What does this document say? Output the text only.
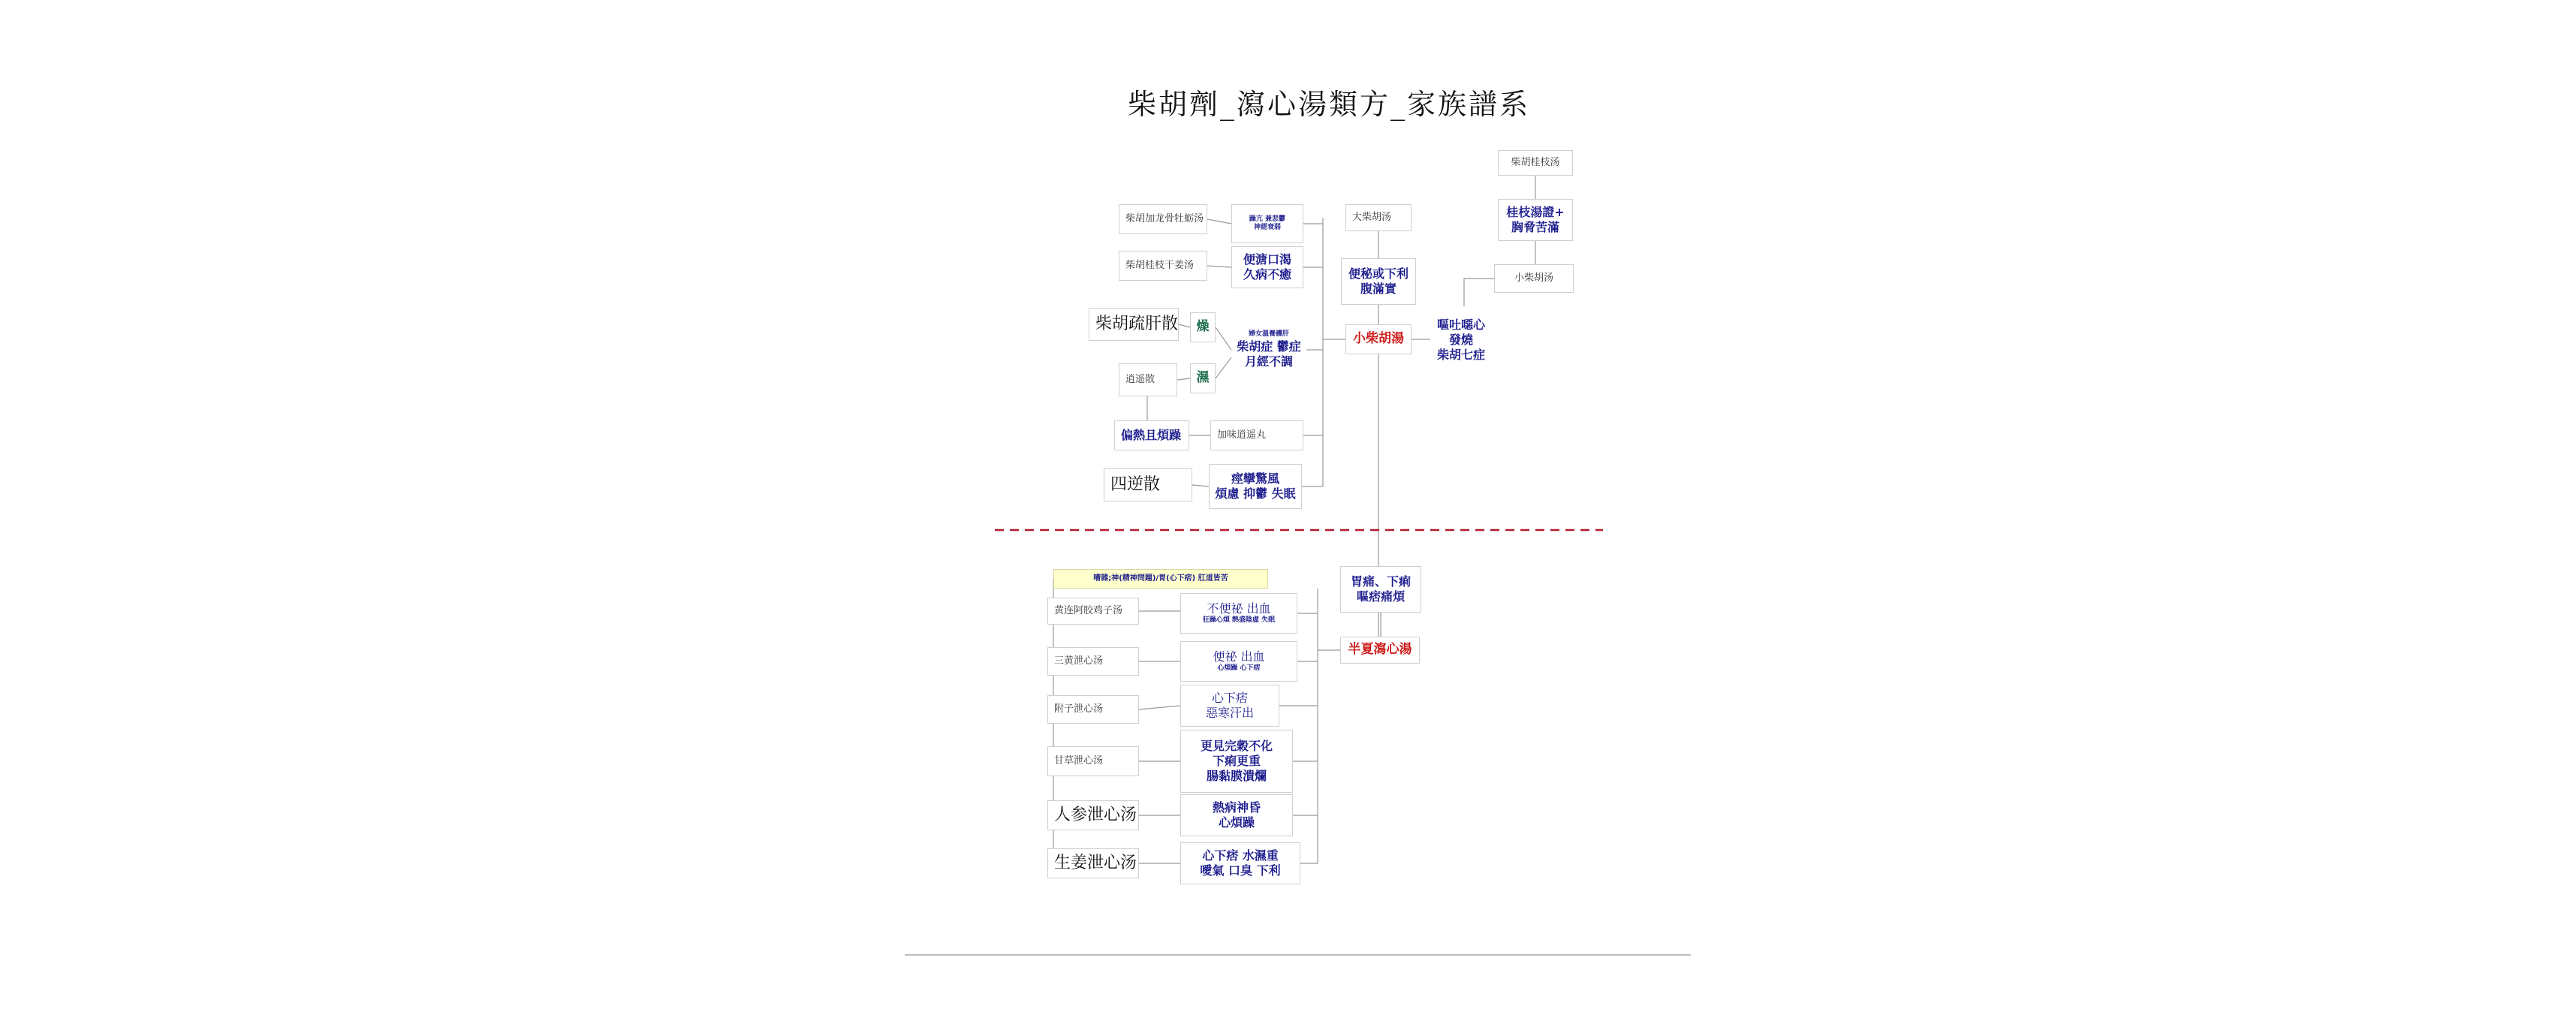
柴胡劑_瀉心湯類方_家族譜系
柴胡桂枝汤
桂枝湯證+
胸脅苦滿
小柴胡汤
嘔吐噁心
發燒
柴胡七症
大柴胡汤
便秘或下利
腹滿實
小柴胡湯
柴胡加龙骨牡蛎汤	躁亢 兼悲鬱
神經衰弱
柴胡桂枝干姜汤	便溏口渴
久病不癒
柴胡疏肝散 燥	婦女溫養護肝
柴胡症 鬱症
月經不調
逍遥散	濕
偏熱且煩躁	加味逍遥丸
四逆散	痙攣驚風
煩慮 抑鬱 失眠
嘈雜;神(精神問題)/胃(心下痞) 肛道皆苦
黄连阿胶鸡子汤	不便祕 出血
狂躁心煩 熱盛陰虛 失眠
三黄泄心汤	便祕 出血
心煩躁 心下痞
附子泄心汤
心下痞
惡寒汗出
甘草泄心汤
更見完穀不化
下痢更重
腸黏膜潰爛
人参泄心汤	熱病神昏
心煩躁
生姜泄心汤	心下痞 水濕重
噯氣 口臭 下利
胃痛、下痢
嘔痞痛煩
半夏瀉心湯
